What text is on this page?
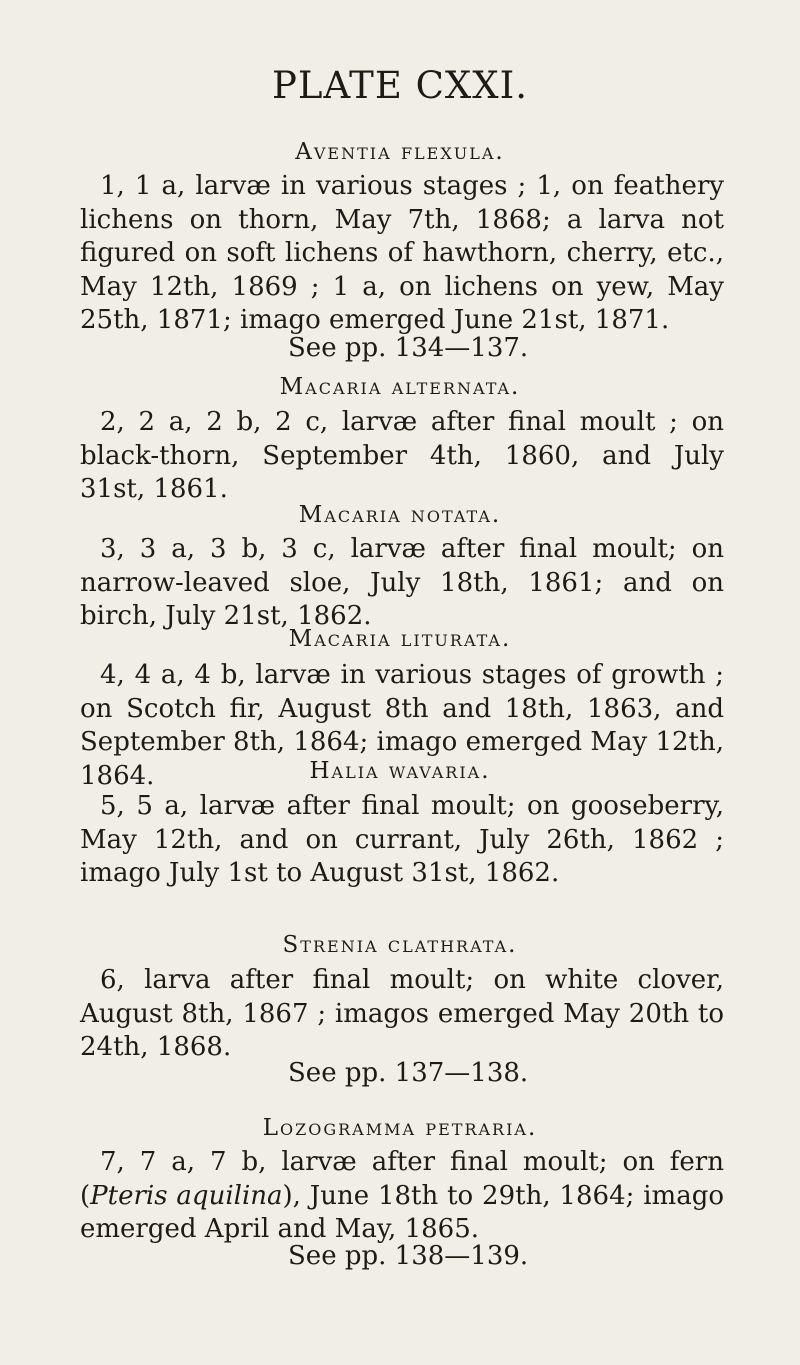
PLATE CXXI.
Aventia flexula.
1, 1 a, larvæ in various stages ; 1, on feathery lichens on thorn, May 7th, 1868; a larva not figured on soft lichens of hawthorn, cherry, etc., May 12th, 1869 ; 1 a, on lichens on yew, May 25th, 1871; imago emerged June 21st, 1871.
See pp. 134—137.
Macaria alternata.
2, 2 a, 2 b, 2 c, larvæ after final moult ; on black-thorn, September 4th, 1860, and July 31st, 1861.
Macaria notata.
3, 3 a, 3 b, 3 c, larvæ after final moult; on narrow-leaved sloe, July 18th, 1861; and on birch, July 21st, 1862.
Macaria liturata.
4, 4 a, 4 b, larvæ in various stages of growth ; on Scotch fir, August 8th and 18th, 1863, and September 8th, 1864; imago emerged May 12th, 1864.	Halia wavaria.
5, 5 a, larvæ after final moult; on gooseberry, May 12th, and on currant, July 26th, 1862 ; imago July 1st to August 31st, 1862.
Strenia clathrata.
6, larva after final moult; on white clover, August 8th, 1867 ; imagos emerged May 20th to 24th, 1868.
See pp. 137—138.
Lozogramma petraria.
7, 7 a, 7 b, larvæ after final moult; on fern (Pteris aquilina), June 18th to 29th, 1864; imago emerged April and May, 1865.
See pp. 138—139.
